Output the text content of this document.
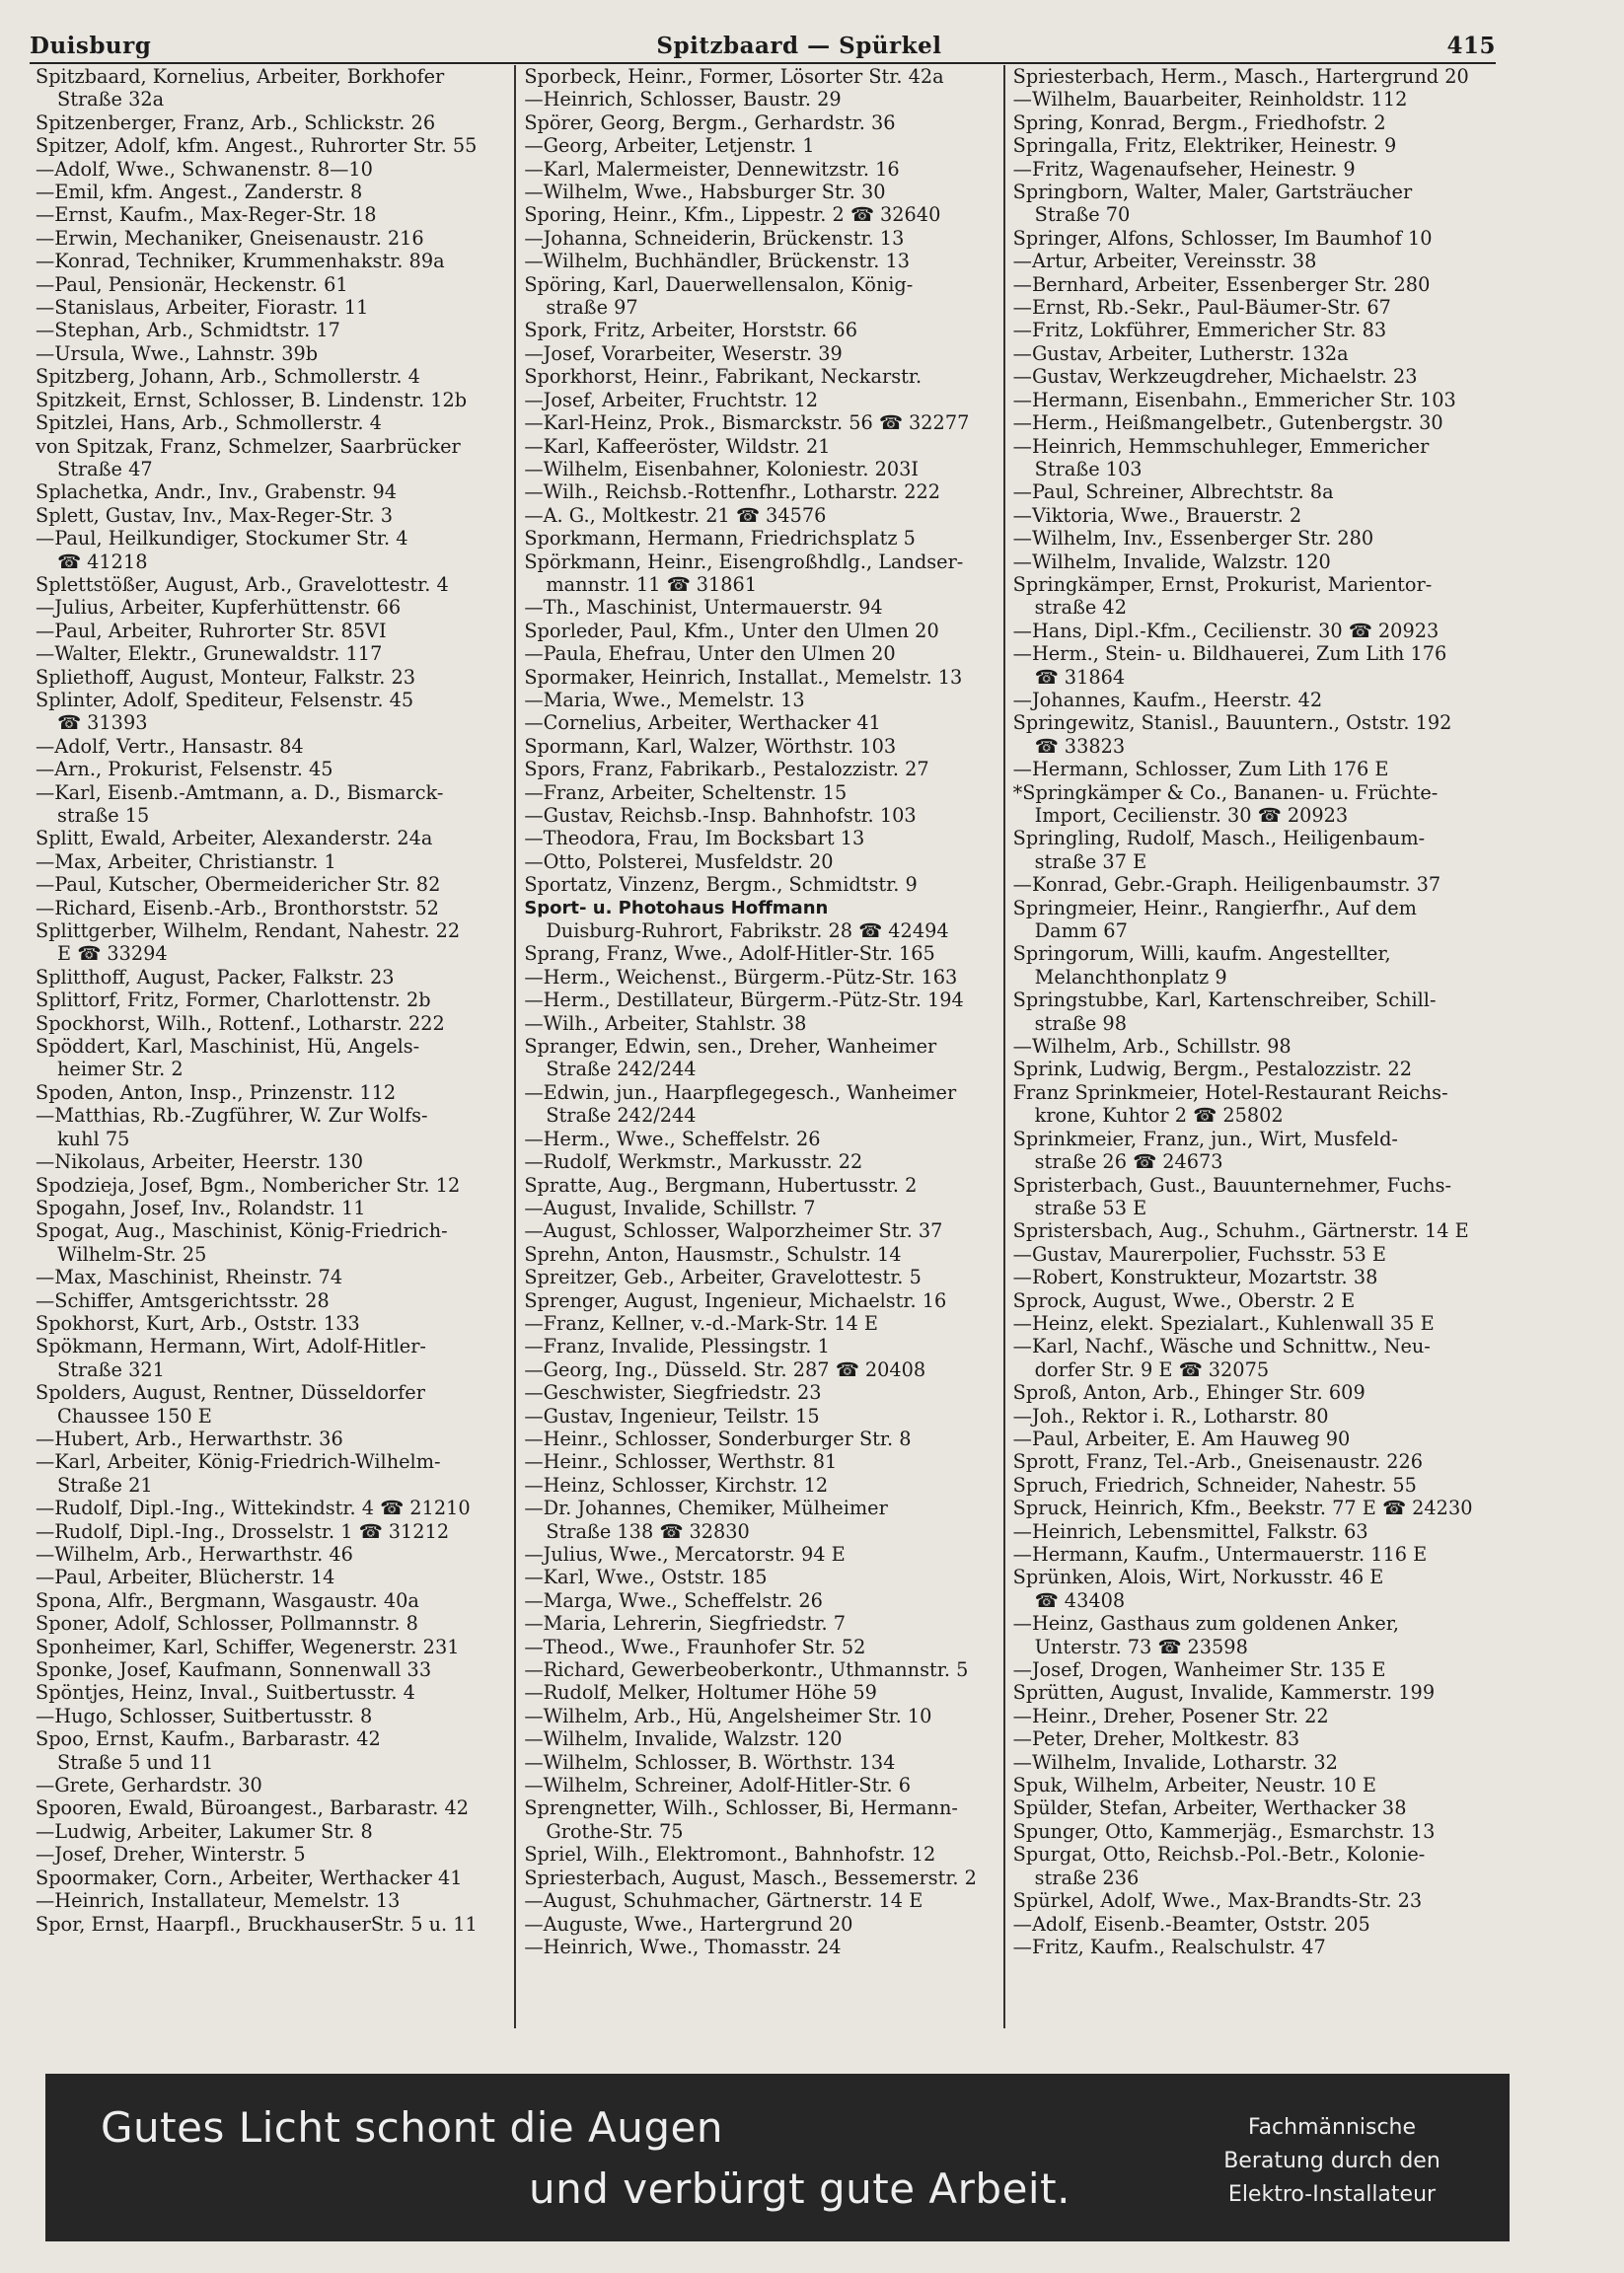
Duisburg	Spitzbaard — Spürkel	415
Spitzbaard, Kornelius, Arbeiter, Borkhofer
Straße 32a
Spitzenberger, Franz, Arb., Schlickstr. 26
Spitzer, Adolf, kfm. Angest., Ruhrorter Str. 55
—Adolf, Wwe., Schwanenstr. 8—10
—Emil, kfm. Angest., Zanderstr. 8
—Ernst, Kaufm., Max-Reger-Str. 18
—Erwin, Mechaniker, Gneisenaustr. 216
—Konrad, Techniker, Krummenhakstr. 89a
—Paul, Pensionär, Heckenstr. 61
—Stanislaus, Arbeiter, Fiorastr. 11
—Stephan, Arb., Schmidtstr. 17
—Ursula, Wwe., Lahnstr. 39b
Spitzberg, Johann, Arb., Schmollerstr. 4
Spitzkeit, Ernst, Schlosser, B. Lindenstr. 12b
Spitzlei, Hans, Arb., Schmollerstr. 4
von Spitzak, Franz, Schmelzer, Saarbrücker
Straße 47
Splachetka, Andr., Inv., Grabenstr. 94
Splett, Gustav, Inv., Max-Reger-Str. 3
—Paul, Heilkundiger, Stockumer Str. 4
☎ 41218
Splettstößer, August, Arb., Gravelottestr. 4
—Julius, Arbeiter, Kupferhüttenstr. 66
—Paul, Arbeiter, Ruhrorter Str. 85VI
—Walter, Elektr., Grunewaldstr. 117
Spliethoff, August, Monteur, Falkstr. 23
Splinter, Adolf, Spediteur, Felsenstr. 45
☎ 31393
—Adolf, Vertr., Hansastr. 84
—Arn., Prokurist, Felsenstr. 45
—Karl, Eisenb.-Amtmann, a. D., Bismarck-
straße 15
Splitt, Ewald, Arbeiter, Alexanderstr. 24a
—Max, Arbeiter, Christianstr. 1
—Paul, Kutscher, Obermeidericher Str. 82
—Richard, Eisenb.-Arb., Bronthorststr. 52
Splittgerber, Wilhelm, Rendant, Nahestr. 22
E ☎ 33294
Splitthoff, August, Packer, Falkstr. 23
Splittorf, Fritz, Former, Charlottenstr. 2b
Spockhorst, Wilh., Rottenf., Lotharstr. 222
Spöddert, Karl, Maschinist, Hü, Angels-
heimer Str. 2
Spoden, Anton, Insp., Prinzenstr. 112
—Matthias, Rb.-Zugführer, W. Zur Wolfs-
kuhl 75
—Nikolaus, Arbeiter, Heerstr. 130
Spodzieja, Josef, Bgm., Nombericher Str. 12
Spogahn, Josef, Inv., Rolandstr. 11
Spogat, Aug., Maschinist, König-Friedrich-
Wilhelm-Str. 25
—Max, Maschinist, Rheinstr. 74
—Schiffer, Amtsgerichtsstr. 28
Spokhorst, Kurt, Arb., Oststr. 133
Spökmann, Hermann, Wirt, Adolf-Hitler-
Straße 321
Spolders, August, Rentner, Düsseldorfer
Chaussee 150 E
—Hubert, Arb., Herwarthstr. 36
—Karl, Arbeiter, König-Friedrich-Wilhelm-
Straße 21
—Rudolf, Dipl.-Ing., Wittekindstr. 4 ☎ 21210
—Rudolf, Dipl.-Ing., Drosselstr. 1 ☎ 31212
—Wilhelm, Arb., Herwarthstr. 46
—Paul, Arbeiter, Blücherstr. 14
Spona, Alfr., Bergmann, Wasgaustr. 40a
Sponer, Adolf, Schlosser, Pollmannstr. 8
Sponheimer, Karl, Schiffer, Wegenerstr. 231
Sponke, Josef, Kaufmann, Sonnenwall 33
Spöntjes, Heinz, Inval., Suitbertusstr. 4
—Hugo, Schlosser, Suitbertusstr. 8
Spoo, Ernst, Kaufm., Barbarastr. 42
Straße 5 und 11
—Grete, Gerhardstr. 30
Spooren, Ewald, Büroangest., Barbarastr. 42
—Ludwig, Arbeiter, Lakumer Str. 8
—Josef, Dreher, Winterstr. 5
Spoormaker, Corn., Arbeiter, Werthacker 41
—Heinrich, Installateur, Memelstr. 13
Spor, Ernst, Haarpfl., BruckhauserStr. 5 u. 11
Sporbeck, Heinr., Former, Lösorter Str. 42a
—Heinrich, Schlosser, Baustr. 29
Spörer, Georg, Bergm., Gerhardstr. 36
—Georg, Arbeiter, Letjenstr. 1
—Karl, Malermeister, Dennewitzstr. 16
—Wilhelm, Wwe., Habsburger Str. 30
Sporing, Heinr., Kfm., Lippestr. 2 ☎ 32640
—Johanna, Schneiderin, Brückenstr. 13
—Wilhelm, Buchhändler, Brückenstr. 13
Spöring, Karl, Dauerwellensalon, König-
straße 97
Spork, Fritz, Arbeiter, Horststr. 66
—Josef, Vorarbeiter, Weserstr. 39
Sporkhorst, Heinr., Fabrikant, Neckarstr.
—Josef, Arbeiter, Fruchtstr. 12
—Karl-Heinz, Prok., Bismarckstr. 56 ☎ 32277
—Karl, Kaffeeröster, Wildstr. 21
—Wilhelm, Eisenbahner, Koloniestr. 203I
—Wilh., Reichsb.-Rottenfhr., Lotharstr. 222
—A. G., Moltkestr. 21 ☎ 34576
Sporkmann, Hermann, Friedrichsplatz 5
Spörkmann, Heinr., Eisengroßhdlg., Landser-
mannstr. 11 ☎ 31861
—Th., Maschinist, Untermauerstr. 94
Sporleder, Paul, Kfm., Unter den Ulmen 20
—Paula, Ehefrau, Unter den Ulmen 20
Spormaker, Heinrich, Installat., Memelstr. 13
—Maria, Wwe., Memelstr. 13
—Cornelius, Arbeiter, Werthacker 41
Spormann, Karl, Walzer, Wörthstr. 103
Spors, Franz, Fabrikarb., Pestalozzistr. 27
—Franz, Arbeiter, Scheltenstr. 15
—Gustav, Reichsb.-Insp. Bahnhofstr. 103
—Theodora, Frau, Im Bocksbart 13
—Otto, Polsterei, Musfeldstr. 20
Sportatz, Vinzenz, Bergm., Schmidtstr. 9
Sport- u. Photohaus Hoffmann
Duisburg-Ruhrort, Fabrikstr. 28 ☎ 42494
Sprang, Franz, Wwe., Adolf-Hitler-Str. 165
—Herm., Weichenst., Bürgerm.-Pütz-Str. 163
—Herm., Destillateur, Bürgerm.-Pütz-Str. 194
—Wilh., Arbeiter, Stahlstr. 38
Spranger, Edwin, sen., Dreher, Wanheimer
Straße 242/244
—Edwin, jun., Haarpflegegesch., Wanheimer
Straße 242/244
—Herm., Wwe., Scheffelstr. 26
—Rudolf, Werkmstr., Markusstr. 22
Spratte, Aug., Bergmann, Hubertusstr. 2
—August, Invalide, Schillstr. 7
—August, Schlosser, Walporzheimer Str. 37
Sprehn, Anton, Hausmstr., Schulstr. 14
Spreitzer, Geb., Arbeiter, Gravelottestr. 5
Sprenger, August, Ingenieur, Michaelstr. 16
—Franz, Kellner, v.-d.-Mark-Str. 14 E
—Franz, Invalide, Plessingstr. 1
—Georg, Ing., Düsseld. Str. 287 ☎ 20408
—Geschwister, Siegfriedstr. 23
—Gustav, Ingenieur, Teilstr. 15
—Heinr., Schlosser, Sonderburger Str. 8
—Heinr., Schlosser, Werthstr. 81
—Heinz, Schlosser, Kirchstr. 12
—Dr. Johannes, Chemiker, Mülheimer
Straße 138 ☎ 32830
—Julius, Wwe., Mercatorstr. 94 E
—Karl, Wwe., Oststr. 185
—Marga, Wwe., Scheffelstr. 26
—Maria, Lehrerin, Siegfriedstr. 7
—Theod., Wwe., Fraunhofer Str. 52
—Richard, Gewerbeoberkontr., Uthmannstr. 5
—Rudolf, Melker, Holtumer Höhe 59
—Wilhelm, Arb., Hü, Angelsheimer Str. 10
—Wilhelm, Invalide, Walzstr. 120
—Wilhelm, Schlosser, B. Wörthstr. 134
—Wilhelm, Schreiner, Adolf-Hitler-Str. 6
Sprengnetter, Wilh., Schlosser, Bi, Hermann-
Grothe-Str. 75
Spriel, Wilh., Elektromont., Bahnhofstr. 12
Spriesterbach, August, Masch., Bessemerstr. 2
—August, Schuhmacher, Gärtnerstr. 14 E
—Auguste, Wwe., Hartergrund 20
—Heinrich, Wwe., Thomasstr. 24
Spriesterbach, Herm., Masch., Hartergrund 20
—Wilhelm, Bauarbeiter, Reinholdstr. 112
Spring, Konrad, Bergm., Friedhofstr. 2
Springalla, Fritz, Elektriker, Heinestr. 9
—Fritz, Wagenaufseher, Heinestr. 9
Springborn, Walter, Maler, Gartsträucher
Straße 70
Springer, Alfons, Schlosser, Im Baumhof 10
—Artur, Arbeiter, Vereinsstr. 38
—Bernhard, Arbeiter, Essenberger Str. 280
—Ernst, Rb.-Sekr., Paul-Bäumer-Str. 67
—Fritz, Lokführer, Emmericher Str. 83
—Gustav, Arbeiter, Lutherstr. 132a
—Gustav, Werkzeugdreher, Michaelstr. 23
—Hermann, Eisenbahn., Emmericher Str. 103
—Herm., Heißmangelbetr., Gutenbergstr. 30
—Heinrich, Hemmschuhleger, Emmericher
Straße 103
—Paul, Schreiner, Albrechtstr. 8a
—Viktoria, Wwe., Brauerstr. 2
—Wilhelm, Inv., Essenberger Str. 280
—Wilhelm, Invalide, Walzstr. 120
Springkämper, Ernst, Prokurist, Marientor-
straße 42
—Hans, Dipl.-Kfm., Cecilienstr. 30 ☎ 20923
—Herm., Stein- u. Bildhauerei, Zum Lith 176
☎ 31864
—Johannes, Kaufm., Heerstr. 42
Springewitz, Stanisl., Bauuntern., Oststr. 192
☎ 33823
—Hermann, Schlosser, Zum Lith 176 E
*Springkämper & Co., Bananen- u. Früchte-
Import, Cecilienstr. 30 ☎ 20923
Springling, Rudolf, Masch., Heiligenbaum-
straße 37 E
—Konrad, Gebr.-Graph. Heiligenbaumstr. 37
Springmeier, Heinr., Rangierfhr., Auf dem
Damm 67
Springorum, Willi, kaufm. Angestellter,
Melanchthonplatz 9
Springstubbe, Karl, Kartenschreiber, Schill-
straße 98
—Wilhelm, Arb., Schillstr. 98
Sprink, Ludwig, Bergm., Pestalozzistr. 22
Franz Sprinkmeier, Hotel-Restaurant Reichs-
krone, Kuhtor 2 ☎ 25802
Sprinkmeier, Franz, jun., Wirt, Musfeld-
straße 26 ☎ 24673
Spristerbach, Gust., Bauunternehmer, Fuchs-
straße 53 E
Spristersbach, Aug., Schuhm., Gärtnerstr. 14 E
—Gustav, Maurerpolier, Fuchsstr. 53 E
—Robert, Konstrukteur, Mozartstr. 38
Sprock, August, Wwe., Oberstr. 2 E
—Heinz, elekt. Spezialart., Kuhlenwall 35 E
—Karl, Nachf., Wäsche und Schnittw., Neu-
dorfer Str. 9 E ☎ 32075
Sproß, Anton, Arb., Ehinger Str. 609
—Joh., Rektor i. R., Lotharstr. 80
—Paul, Arbeiter, E. Am Hauweg 90
Sprott, Franz, Tel.-Arb., Gneisenaustr. 226
Spruch, Friedrich, Schneider, Nahestr. 55
Spruck, Heinrich, Kfm., Beekstr. 77 E ☎ 24230
—Heinrich, Lebensmittel, Falkstr. 63
—Hermann, Kaufm., Untermauerstr. 116 E
Sprünken, Alois, Wirt, Norkusstr. 46 E
☎ 43408
—Heinz, Gasthaus zum goldenen Anker,
Unterstr. 73 ☎ 23598
—Josef, Drogen, Wanheimer Str. 135 E
Sprütten, August, Invalide, Kammerstr. 199
—Heinr., Dreher, Posener Str. 22
—Peter, Dreher, Moltkestr. 83
—Wilhelm, Invalide, Lotharstr. 32
Spuk, Wilhelm, Arbeiter, Neustr. 10 E
Spülder, Stefan, Arbeiter, Werthacker 38
Spunger, Otto, Kammerjäg., Esmarchstr. 13
Spurgat, Otto, Reichsb.-Pol.-Betr., Kolonie-
straße 236
Spürkel, Adolf, Wwe., Max-Brandts-Str. 23
—Adolf, Eisenb.-Beamter, Oststr. 205
—Fritz, Kaufm., Realschulstr. 47
Gutes Licht schont die Augen
und verbürgt gute Arbeit.
Fachmännische
Beratung durch den
Elektro-Installateur
